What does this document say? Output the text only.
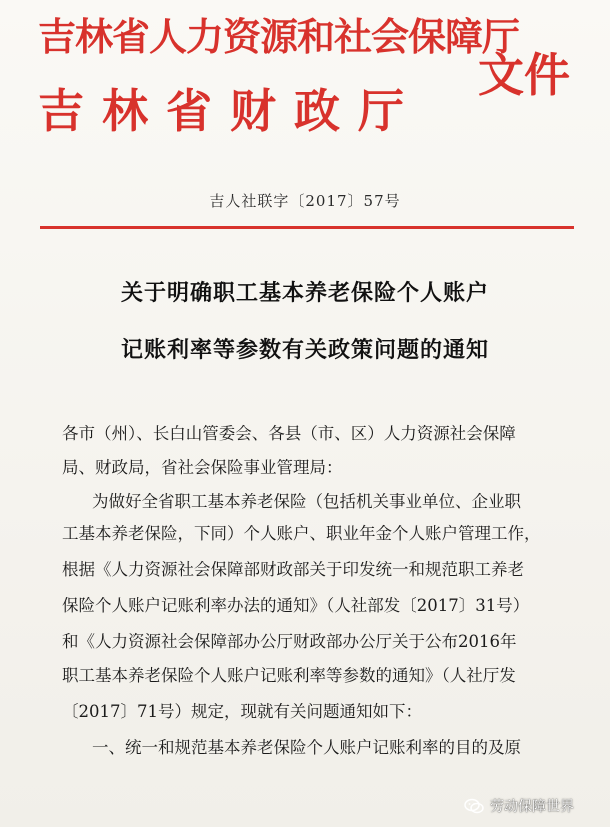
吉林省人力资源和社会保障厅
吉林省财政厅
文件
吉人社联字〔2017〕57号
关于明确职工基本养老保险个人账户
记账利率等参数有关政策问题的通知
各市（州）、长白山管委会、各县（市、区）人力资源社会保障
局、财政局，省社会保险事业管理局：
为做好全省职工基本养老保险（包括机关事业单位、企业职
工基本养老保险，下同）个人账户、职业年金个人账户管理工作，
根据《人力资源社会保障部财政部关于印发统一和规范职工养老
保险个人账户记账利率办法的通知》（人社部发〔2017〕31号）
和《人力资源社会保障部办公厅财政部办公厅关于公布2016年
职工基本养老保险个人账户记账利率等参数的通知》（人社厅发
〔2017〕71号）规定，现就有关问题通知如下：
一、统一和规范基本养老保险个人账户记账利率的目的及原
劳动保障世界
